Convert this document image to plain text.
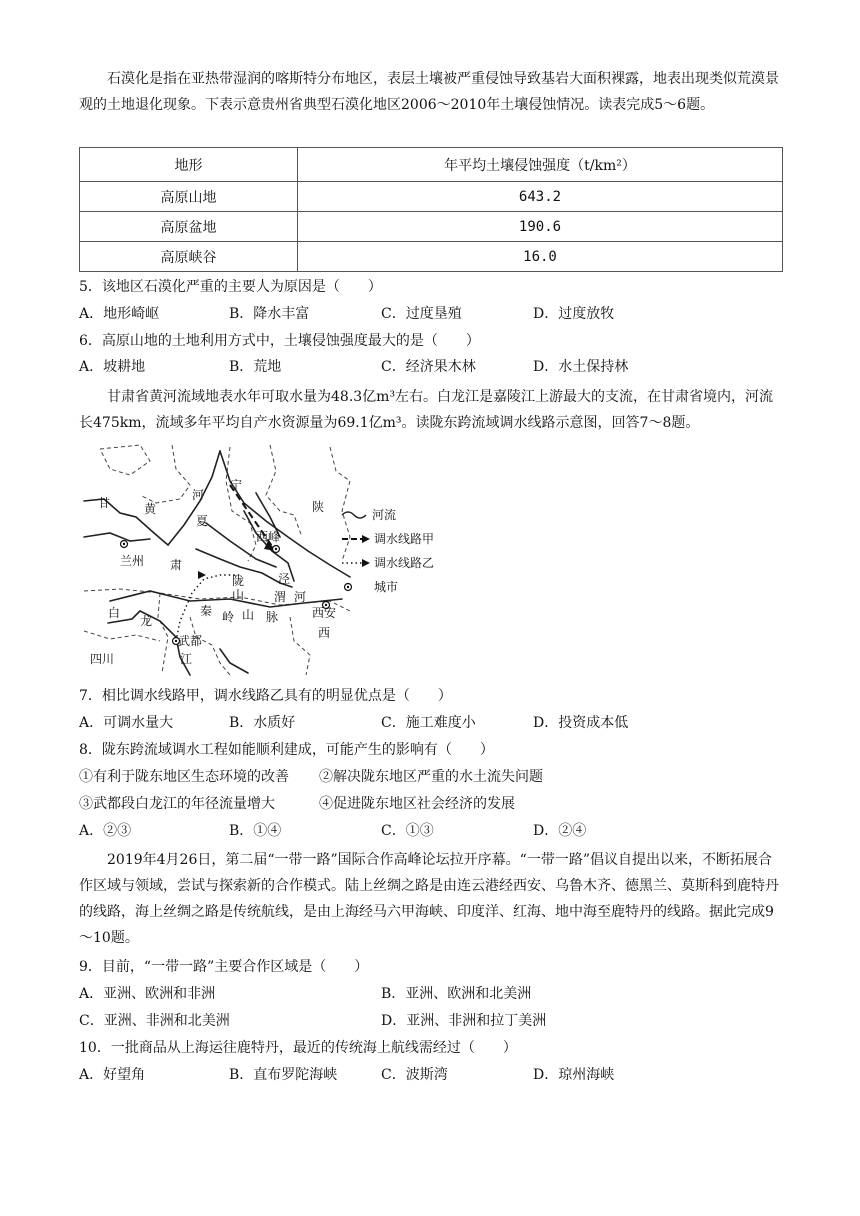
石漠化是指在亚热带湿润的喀斯特分布地区，表层土壤被严重侵蚀导致基岩大面积裸露，地表出现类似荒漠景观的土地退化现象。下表示意贵州省典型石漠化地区2006～2010年土壤侵蚀情况。读表完成5～6题。
地形	年平均土壤侵蚀强度（t/km²）
高原山地	643.2
高原盆地	190.6
高原峡谷	16.0
5．该地区石漠化严重的主要人为原因是（　　）
A．地形崎岖	B．降水丰富	C．过度垦殖	D．过度放牧
6．高原山地的土地利用方式中，土壤侵蚀强度最大的是（　　）
A．坡耕地	B．荒地	C．经济果木林	D．水土保持林
甘肃省黄河流域地表水年可取水量为48.3亿m³左右。白龙江是嘉陵江上游最大的支流，在甘肃省境内，河流长475km，流域多年平均自产水资源量为69.1亿m³。读陇东跨流域调水线路示意图，回答7～8题。
甘	黄
河
宁
夏
陕
兰州 肃
西峰
陇
山
泾
渭 河
西安
西
白
龙
秦 岭 山 脉
武都
江
四川
河流
调水线路甲
调水线路乙
城市
7．相比调水线路甲，调水线路乙具有的明显优点是（　　）
A．可调水量大	B．水质好	C．施工难度小	D．投资成本低
8．陇东跨流域调水工程如能顺利建成，可能产生的影响有（　　）
①有利于陇东地区生态环境的改善 ②解决陇东地区严重的水土流失问题
③武都段白龙江的年径流量增大	④促进陇东地区社会经济的发展
A．②③	B．①④	C．①③	D．②④
2019年4月26日，第二届“一带一路”国际合作高峰论坛拉开序幕。“一带一路”倡议自提出以来，不断拓展合作区域与领域，尝试与探索新的合作模式。陆上丝绸之路是由连云港经西安、乌鲁木齐、德黑兰、莫斯科到鹿特丹的线路，海上丝绸之路是传统航线，是由上海经马六甲海峡、印度洋、红海、地中海至鹿特丹的线路。据此完成9～10题。
9．目前，“一带一路”主要合作区域是（　　）
A．亚洲、欧洲和非洲	B．亚洲、欧洲和北美洲
C．亚洲、非洲和北美洲	D．亚洲、非洲和拉丁美洲
10．一批商品从上海运往鹿特丹，最近的传统海上航线需经过（　　）
A．好望角	B．直布罗陀海峡	C．波斯湾	D．琼州海峡
